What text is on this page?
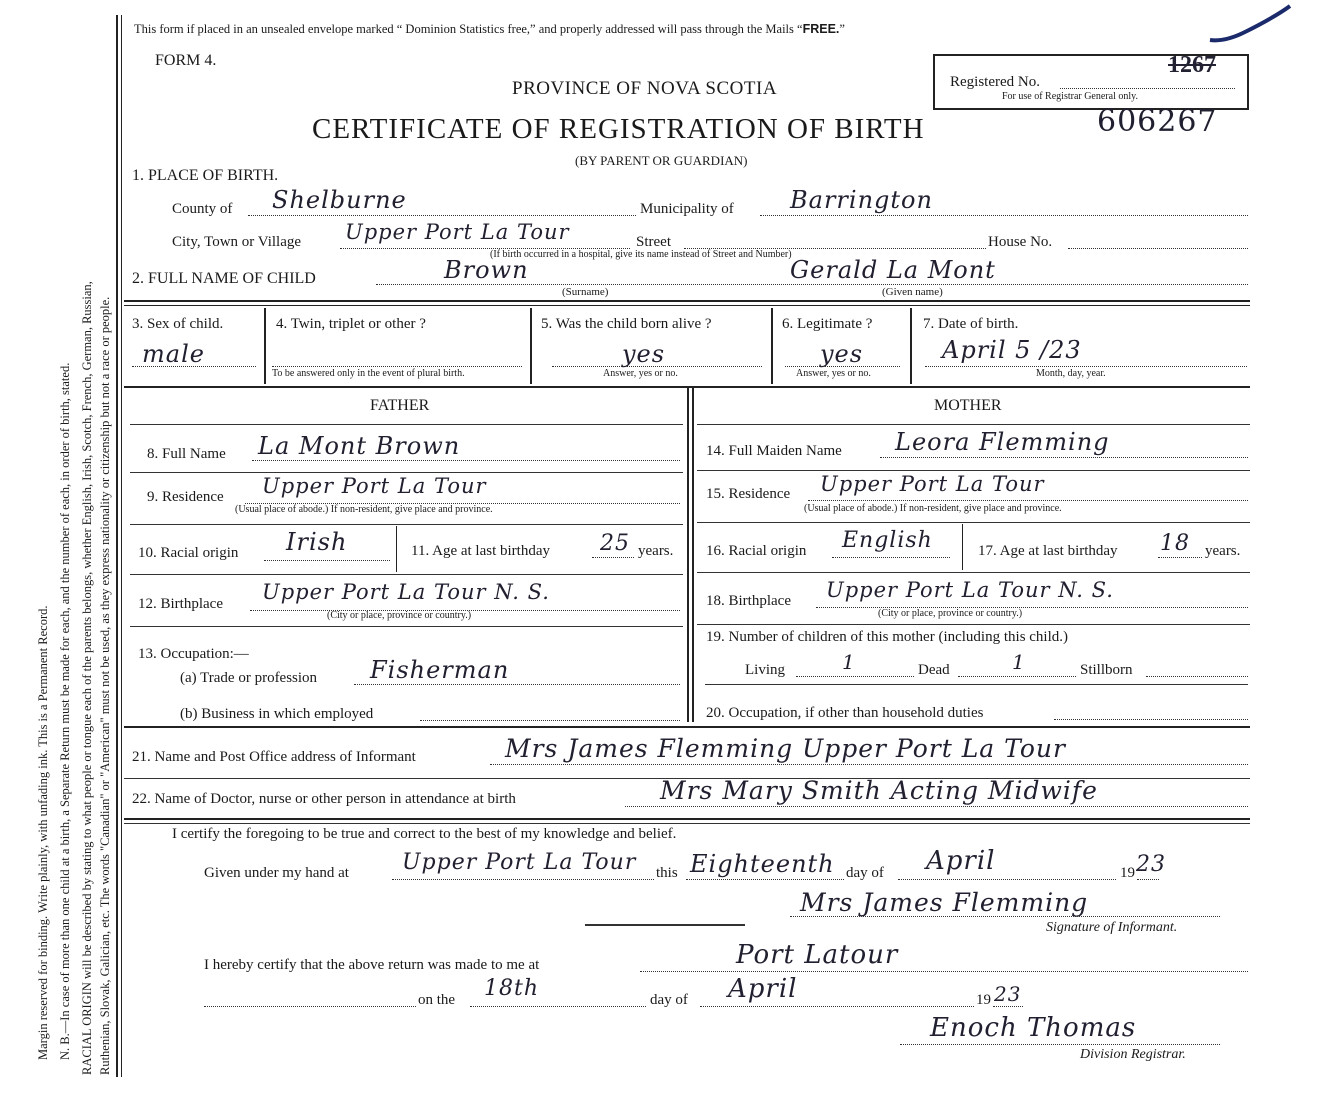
Margin reserved for binding. Write plainly, with unfading ink. This is a Permanent Record. N. B.—In case of more than one child at a birth, a Separate Return must be made for each, and the number of each, in order of birth, stated. RACIAL ORIGIN will be described by stating to what people or tongue each of the parents belongs, whether English, Irish, Scotch, French, German, Russian, Ruthenian, Slovak, Galician, etc. The words "Canadian" or "American" must not be used, as they express nationality or citizenship but not a race or people.
This form if placed in an unsealed envelope marked “ Dominion Statistics free,” and properly addressed will pass through the Mails “FREE.”
FORM 4.
PROVINCE OF NOVA SCOTIA	Registered No.
For use of Registrar General only.
1267
CERTIFICATE OF REGISTRATION OF BIRTH	606267
(BY PARENT OR GUARDIAN)
1. PLACE OF BIRTH.
County of Shelburne	Municipality of Barrington
City, Town or Village Upper Port La Tour	Street
(If birth occurred in a hospital, give its name instead of Street and Number)
House No.
2. FULL NAME OF CHILD	Brown
(Surname)
Gerald La Mont
(Given name)
3. Sex of child.
male
4. Twin, triplet or other ?
To be answered only in the event of plural birth.
5. Was the child born alive ?
yes
Answer, yes or no.
6. Legitimate ?
yes
Answer, yes or no.
7. Date of birth.
April 5 /23
Month, day, year.
FATHER	MOTHER
8. Full Name La Mont Brown
9. Residence Upper Port La Tour
(Usual place of abode.) If non-resident, give place and province.
10. Racial origin Irish	11. Age at last birthday 25 years.
12. Birthplace Upper Port La Tour N. S.
(City or place, province or country.)
13. Occupation:—
(a) Trade or profession Fisherman
(b) Business in which employed
14. Full Maiden Name Leora Flemming
15. Residence Upper Port La Tour
(Usual place of abode.) If non-resident, give place and province.
16. Racial origin English	17. Age at last birthday 18 years.
18. Birthplace Upper Port La Tour N. S.
(City or place, province or country.)
19. Number of children of this mother (including this child.)
Living	1	Dead	1	Stillborn
20. Occupation, if other than household duties
21. Name and Post Office address of Informant	Mrs James Flemming Upper Port La Tour
22. Name of Doctor, nurse or other person in attendance at birth	Mrs Mary Smith Acting Midwife
I certify the foregoing to be true and correct to the best of my knowledge and belief.
Given under my hand at Upper Port La Tour this Eighteenth day of April	19 23
Mrs James Flemming
Signature of Informant.
I hereby certify that the above return was made to me at	Port Latour
on the 18th	day of April	19 23
Enoch Thomas
Division Registrar.
